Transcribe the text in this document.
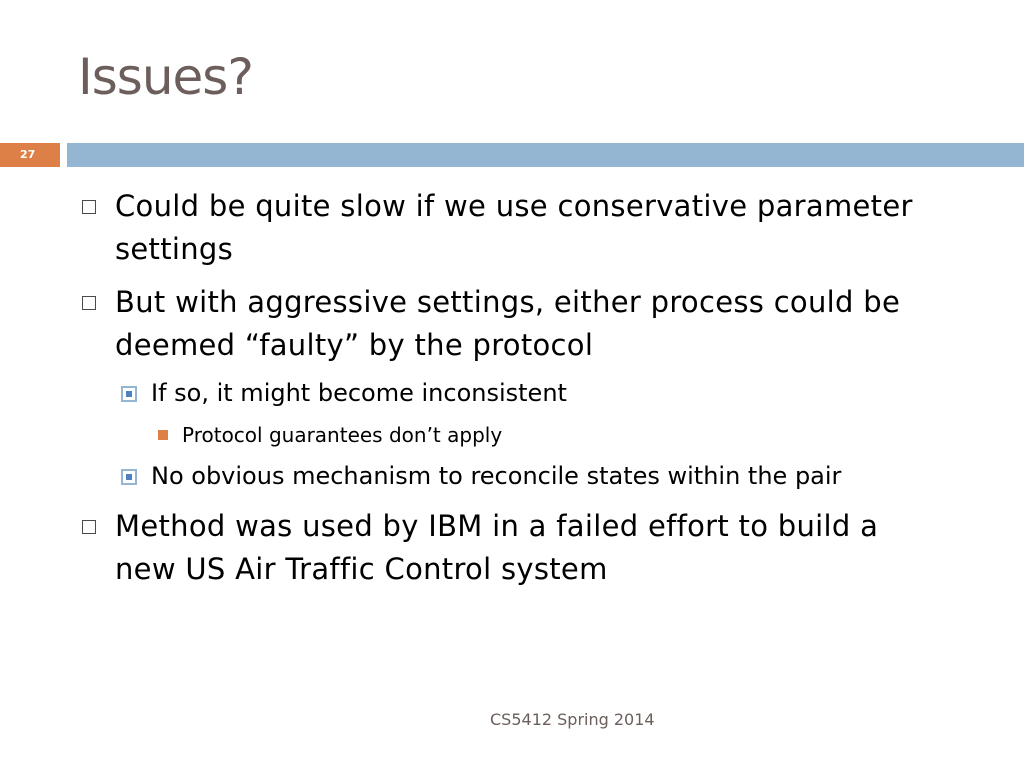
Issues?
27
Could be quite slow if we use conservative parameter
settings
But with aggressive settings, either process could be
deemed “faulty” by the protocol
If so, it might become inconsistent
Protocol guarantees don’t apply
No obvious mechanism to reconcile states within the pair
Method was used by IBM in a failed effort to build a
new US Air Traffic Control system
CS5412 Spring 2014
